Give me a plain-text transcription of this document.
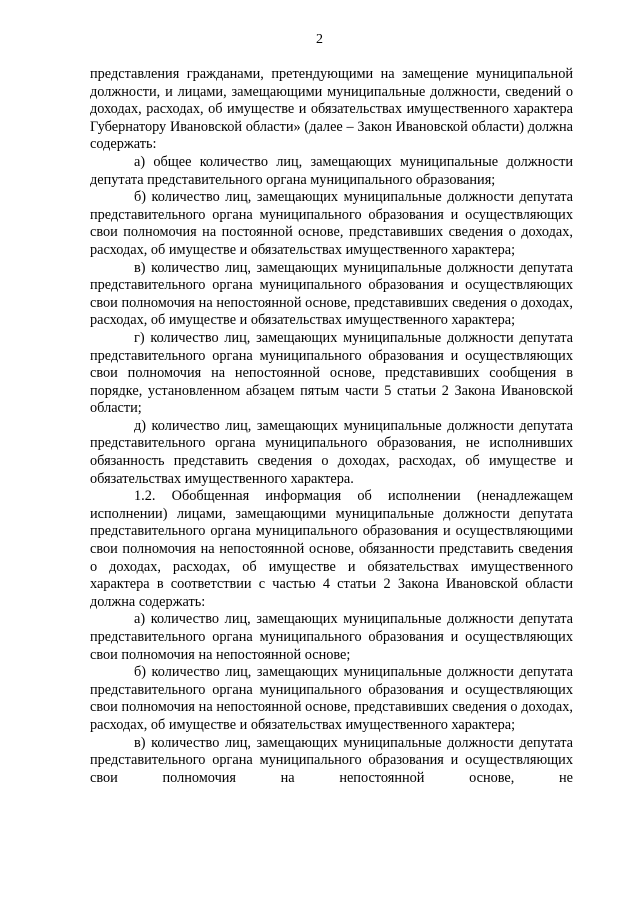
2

представления гражданами, претендующими на замещение муниципальной должности, и лицами, замещающими муниципальные должности, сведений о доходах, расходах, об имуществе и обязательствах имущественного характера Губернатору Ивановской области» (далее – Закон Ивановской области) должна содержать:

а) общее количество лиц, замещающих муниципальные должности депутата представительного органа муниципального образования;

б) количество лиц, замещающих муниципальные должности депутата представительного органа муниципального образования и осуществляющих свои полномочия на постоянной основе, представивших сведения о доходах, расходах, об имуществе и обязательствах имущественного характера;

в) количество лиц, замещающих муниципальные должности депутата представительного органа муниципального образования и осуществляющих свои полномочия на непостоянной основе, представивших сведения о доходах, расходах, об имуществе и обязательствах имущественного характера;

г) количество лиц, замещающих муниципальные должности депутата представительного органа муниципального образования и осуществляющих свои полномочия на непостоянной основе, представивших сообщения в порядке, установленном абзацем пятым части 5 статьи 2 Закона Ивановской области;

д) количество лиц, замещающих муниципальные должности депутата представительного органа муниципального образования, не исполнивших обязанность представить сведения о доходах, расходах, об имуществе и обязательствах имущественного характера.

1.2. Обобщенная информация об исполнении (ненадлежащем исполнении) лицами, замещающими муниципальные должности депутата представительного органа муниципального образования и осуществляющими свои полномочия на непостоянной основе, обязанности представить сведения о доходах, расходах, об имуществе и обязательствах имущественного характера в соответствии с частью 4 статьи 2 Закона Ивановской области должна содержать:

а) количество лиц, замещающих муниципальные должности депутата представительного органа муниципального образования и осуществляющих свои полномочия на непостоянной основе;

б) количество лиц, замещающих муниципальные должности депутата представительного органа муниципального образования и осуществляющих свои полномочия на непостоянной основе, представивших сведения о доходах, расходах, об имуществе и обязательствах имущественного характера;

в) количество лиц, замещающих муниципальные должности депутата представительного органа муниципального образования и осуществляющих свои полномочия на непостоянной основе, не
